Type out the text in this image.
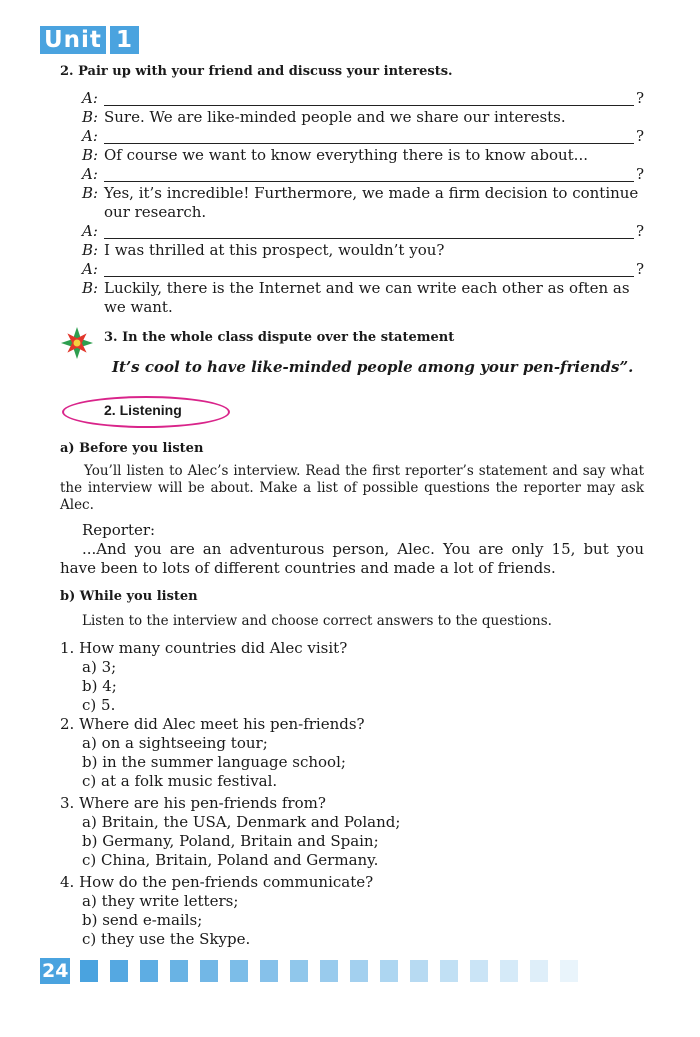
Unit 1
2. Pair up with your friend and discuss your interests.
A:	?
B: Sure. We are like-minded people and we share our interests.
A:	?
B: Of course we want to know everything there is to know about...
A:	?
B: Yes, it’s incredible! Furthermore, we made a firm decision to continue
our research.
A:	?
B: I was thrilled at this prospect, wouldn’t you?
A:	?
B: Luckily, there is the Internet and we can write each other as often as
we want.
3. In the whole class dispute over the statement
It’s cool to have like-minded people among your pen-friends”.
2. Listening
a) Before you listen
You’ll listen to Alec’s interview. Read the first reporter’s statement and say what the interview will be about. Make a list of possible questions the reporter may ask Alec.
Reporter:
...And you are an adventurous person, Alec. You are only 15, but you have been to lots of different countries and made a lot of friends.
b) While you listen
Listen to the interview and choose correct answers to the questions.
1. How many countries did Alec visit?
a) 3;
b) 4;
c) 5.
2. Where did Alec meet his pen-friends?
a) on a sightseeing tour;
b) in the summer language school;
c) at a folk music festival.
3. Where are his pen-friends from?
a) Britain, the USA, Denmark and Poland;
b) Germany, Poland, Britain and Spain;
c) China, Britain, Poland and Germany.
4. How do the pen-friends communicate?
a) they write letters;
b) send e-mails;
c) they use the Skype.
24
